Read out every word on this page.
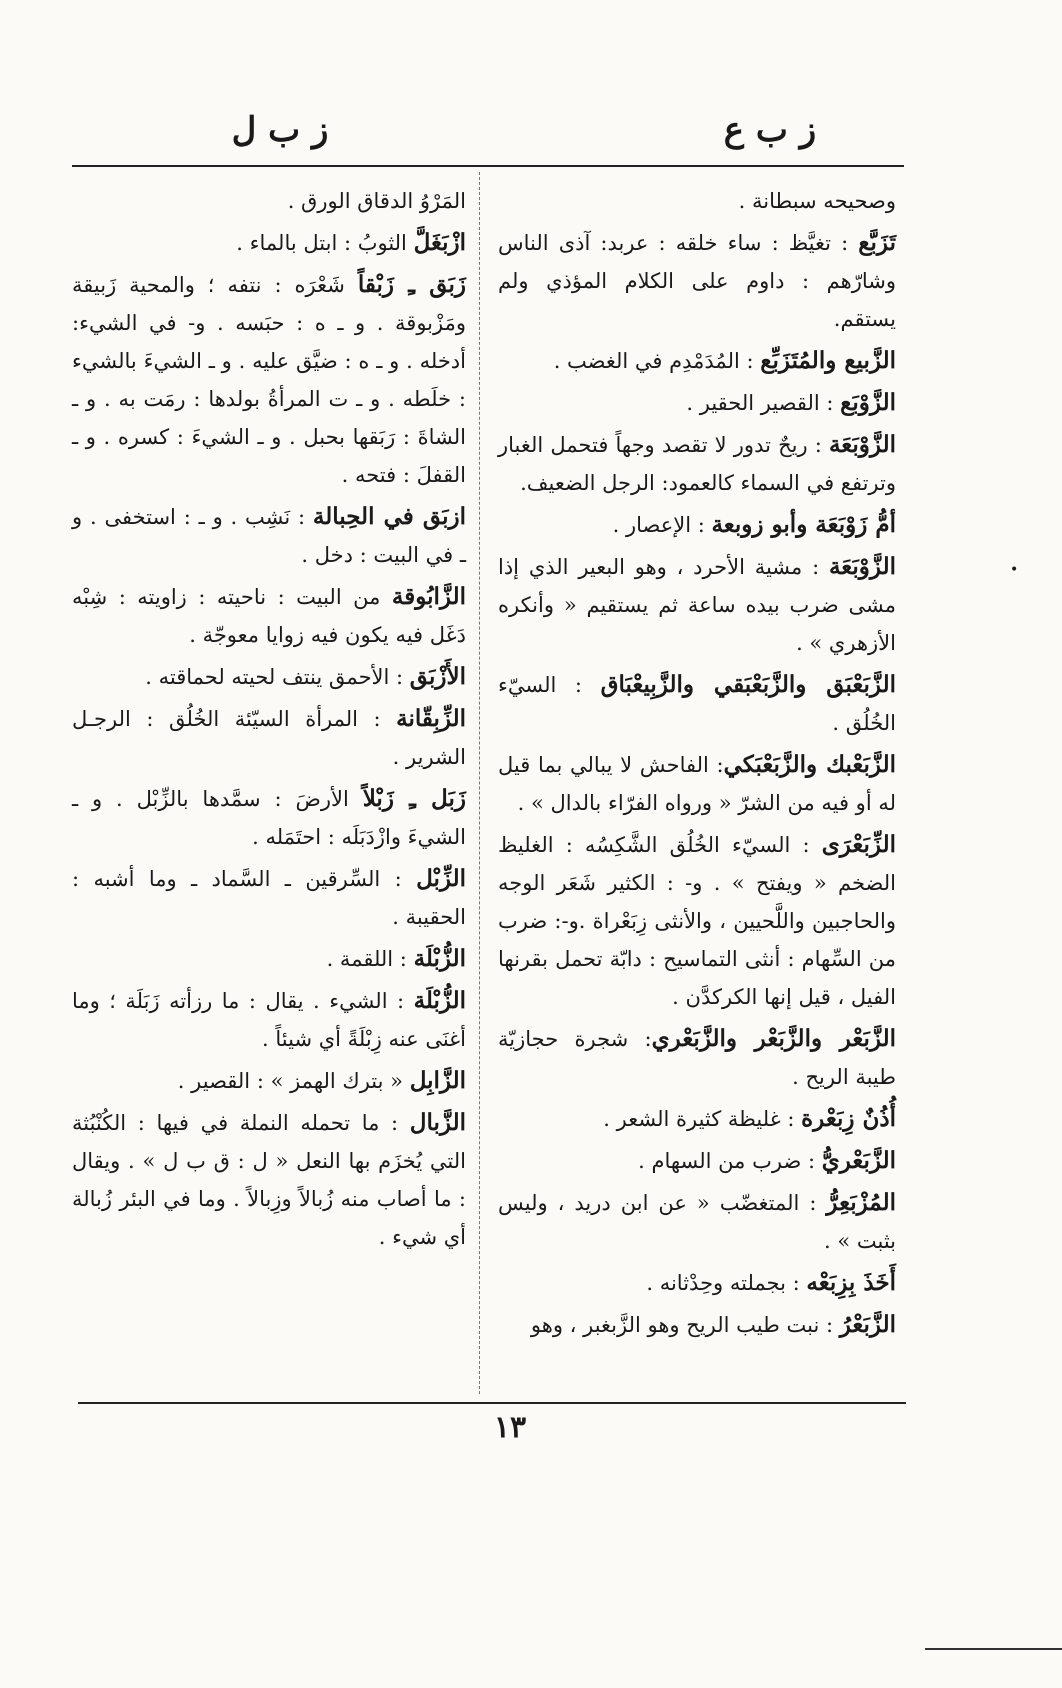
ز ب ع
ز ب ل
وصحيحه سبطانة .
تَزَبَّع : تغيَّظ : ساء خلقه : عربد: آذى الناس وشارّهم : داوم على الكلام المؤذي ولم يستقم.
الزَّبيع والمُتَزَبِّع : المُدَمْدِم في الغضب .
الزَّوْبَع : القصير الحقير .
الزَّوْبَعَة : ريحٌ تدور لا تقصد وجهاً فتحمل الغبار وترتفع في السماء كالعمود: الرجل الضعيف.
أمُّ زَوْبَعَة وأبو زوبعة : الإعصار .
الزَّوْبَعَة : مشية الأحرد ، وهو البعير الذي إذا مشى ضرب بيده ساعة ثم يستقيم « وأنكره الأزهري » .
الزَّبَعْبَق والزَّبَعْبَقي والزَّبِيعْبَاق : السيّء الخُلُق .
الزَّبَعْبك والزَّبَعْبَكي: الفاحش لا يبالي بما قيل له أو فيه من الشرّ « ورواه الفرّاء بالدال » .
الزِّبَعْرَى : السيّء الخُلُق الشَّكِسُه : الغليظ الضخم « ويفتح » . و- : الكثير شَعَر الوجه والحاجبين واللَّحيين ، والأنثى زِبَعْراة .و-: ضرب من السِّهام : أنثى التماسيح : دابّة تحمل بقرنها الفيل ، قيل إنها الكركدَّن .
الزَّبَعْر والزَّبَعْر والزَّبَعْري: شجرة حجازيّة طيبة الريح .
أُذُنٌ زِبَعْرة : غليظة كثيرة الشعر .
الزَّبَعْريُّ : ضرب من السهام .
المُزْبَعِرُّ : المتغضّب « عن ابن دريد ، وليس بثبت » .
أَخَذَ بِزِبَعْه : بجملته وحِدْثانه .
الزَّبَعْرُ : نبت طيب الريح وهو الزَّبغبر ، وهو
المَرْوُ الدقاق الورق .
ازْبَغَلَّ الثوبُ : ابتل بالماء .
زَبَق ـِ زَبْقاً شَعْرَه : نتفه ؛ والمحية زَبيقة ومَزْبوقة . و ـ ه : حبَسه . و- في الشيء: أدخله . و ـ ه : ضيَّق عليه . و ـ الشيءَ بالشيء : خلَطه . و ـ ت المرأةُ بولدها : رمَت به . و ـ الشاةَ : رَبَقها بحبل . و ـ الشيءَ : كسره . و ـ القفلَ : فتحه .
ازبَق في الحِبالة : نَشِب . و ـ : استخفى . و ـ في البيت : دخل .
الزَّابُوقة من البيت : ناحيته : زاويته : شِبْه دَغَل فيه يكون فيه زوايا معوجّة .
الأَزْبَق : الأحمق ينتف لحيته لحماقته .
الزِّبِقّانة : المرأة السيّئة الخُلُق : الرجـل الشرير .
زَبَل ـِ زَبْلاً الأرضَ : سمَّدها بالزِّبْل . و ـ الشيءَ وازْدَبَلَه : احتَمَله .
الزِّبْل : السِّرقين ـ السَّماد ـ وما أشبه : الحقيبة .
الزُّبْلَة : اللقمة .
الزُّبْلَة : الشيء . يقال : ما رزأته زَبَلَة ؛ وما أغنَى عنه زِبْلَةً أي شيئاً .
الزَّابِل « بترك الهمز » : القصير .
الزَّبال : ما تحمله النملة في فيها : الكُنْبُثة التي يُخزَم بها النعل « ل : ق ب ل » . ويقال : ما أصاب منه زُبالاً وزِبالاً . وما في البئر زُبالة أي شيء .
١٣
•
